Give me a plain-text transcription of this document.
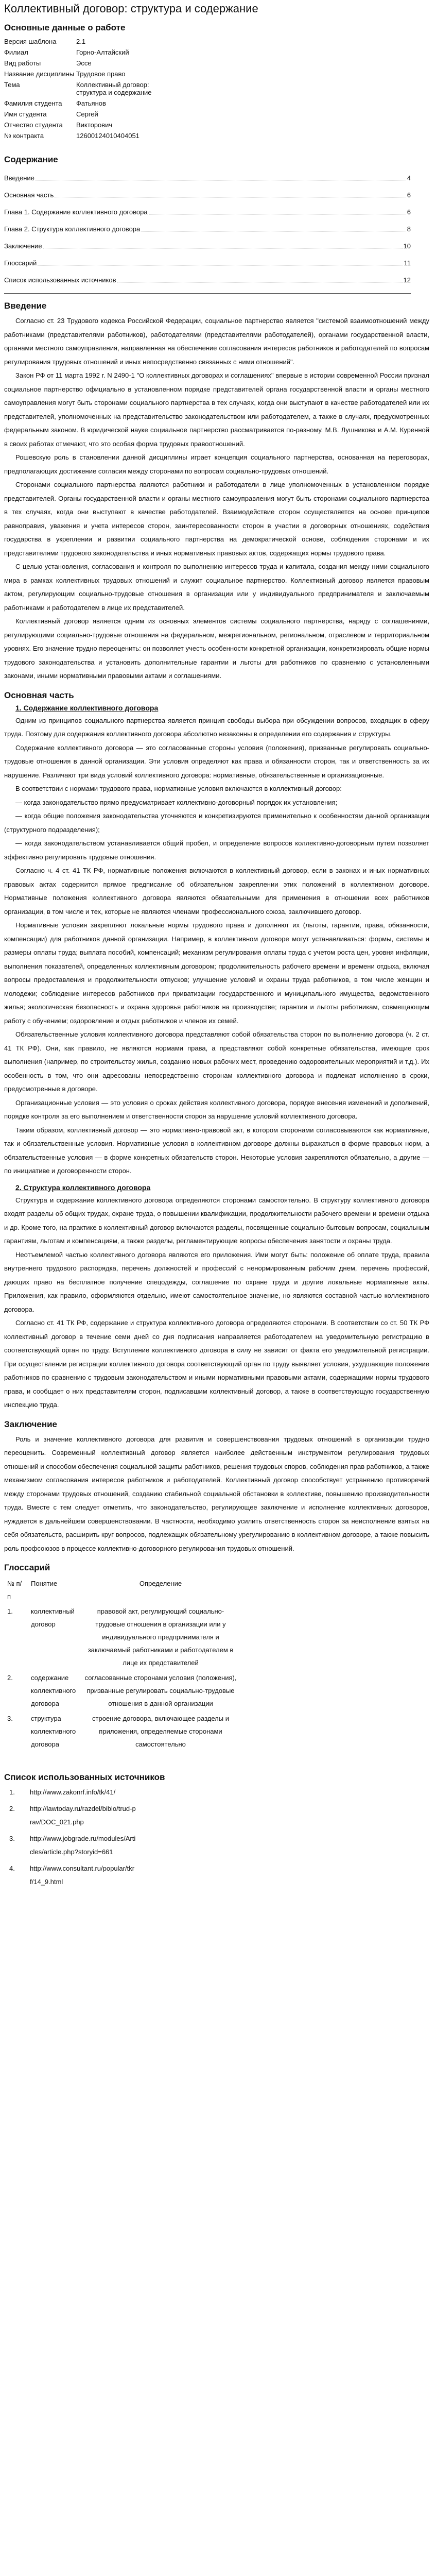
Коллективный договор: структура и содержание
Основные данные о работе
Версия шаблона	2.1
Филиал	Горно-Алтайский
Вид работы	Эссе
Название дисциплины	Трудовое право
Тема	Коллективный договор: структура и содержание
Фамилия студента	Фатьянов
Имя студента	Сергей
Отчество студента	Викторович
№ контракта	12600124010404051
Содержание
Введение	4
Основная часть	6
Глава 1. Содержание коллективного договора	6
Глава 2. Структура коллективного договора	8
Заключение	10
Глоссарий	11
Список использованных источников	12
Введение

Согласно ст. 23 Трудового кодекса Российской Федерации, социальное партнерство является "системой взаимоотношений между работниками (представителями работников), работодателями (представителями работодателей), органами государственной власти, органами местного самоуправления, направленная на обеспечение согласования интересов работников и работодателей по вопросам регулирования трудовых отношений и иных непосредственно связанных с ними отношений".

Закон РФ от 11 марта 1992 г. N 2490-1 "О коллективных договорах и соглашениях" впервые в истории современной России признал социальное партнерство официально в установленном порядке представителей органа государственной власти и органы местного самоуправления могут быть сторонами социального партнерства в тех случаях, когда они выступают в качестве работодателей или их представителей, уполномоченных на представительство законодательством или работодателем, а также в случаях, предусмотренных федеральным законом. В юридической науке социальное партнерство рассматривается по-разному. М.В. Лушникова и А.М. Куренной в своих работах отмечают, что это особая форма трудовых правоотношений.

Рошевскую роль в становлении данной дисциплины играет концепция социального партнерства, основанная на переговорах, предполагающих достижение согласия между сторонами по вопросам социально-трудовых отношений.

Сторонами социального партнерства являются работники и работодатели в лице уполномоченных в установленном порядке представителей. Органы государственной власти и органы местного самоуправления могут быть сторонами социального партнерства в тех случаях, когда они выступают в качестве работодателей. Взаимодействие сторон осуществляется на основе принципов равноправия, уважения и учета интересов сторон, заинтересованности сторон в участии в договорных отношениях, содействия государства в укреплении и развитии социального партнерства на демократической основе, соблюдения сторонами и их представителями трудового законодательства и иных нормативных правовых актов, содержащих нормы трудового права.

С целью установления, согласования и контроля по выполнению интересов труда и капитала, создания между ними социального мира в рамках коллективных трудовых отношений и служит социальное партнерство. Коллективный договор является правовым актом, регулирующим социально-трудовые отношения в организации или у индивидуального предпринимателя и заключаемым работниками и работодателем в лице их представителей.

Коллективный договор является одним из основных элементов системы социального партнерства, наряду с соглашениями, регулирующими социально-трудовые отношения на федеральном, межрегиональном, региональном, отраслевом и территориальном уровнях. Его значение трудно переоценить: он позволяет учесть особенности конкретной организации, конкретизировать общие нормы трудового законодательства и установить дополнительные гарантии и льготы для работников по сравнению с установленными законами, иными нормативными правовыми актами и соглашениями.

Основная часть
1. Содержание коллективного договора

Одним из принципов социального партнерства является принцип свободы выбора при обсуждении вопросов, входящих в сферу труда. Поэтому для содержания коллективного договора абсолютно незаконны в определении его содержания и структуры.

Содержание коллективного договора — это согласованные стороны условия (положения), призванные регулировать социально-трудовые отношения в данной организации. Эти условия определяют как права и обязанности сторон, так и ответственность за их нарушение. Различают три вида условий коллективного договора: нормативные, обязательственные и организационные.

В соответствии с нормами трудового права, нормативные условия включаются в коллективный договор:

— когда законодательство прямо предусматривает коллективно-договорный порядок их установления;

— когда общие положения законодательства уточняются и конкретизируются применительно к особенностям данной организации (структурного подразделения);

— когда законодательством устанавливается общий пробел, и определение вопросов коллективно-договорным путем позволяет эффективно регулировать трудовые отношения.

Согласно ч. 4 ст. 41 ТК РФ, нормативные положения включаются в коллективный договор, если в законах и иных нормативных правовых актах содержится прямое предписание об обязательном закреплении этих положений в коллективном договоре. Нормативные положения коллективного договора являются обязательными для применения в отношении всех работников организации, в том числе и тех, которые не являются членами профессионального союза, заключившего договор.

Нормативные условия закрепляют локальные нормы трудового права и дополняют их (льготы, гарантии, права, обязанности, компенсации) для работников данной организации. Например, в коллективном договоре могут устанавливаться: формы, системы и размеры оплаты труда; выплата пособий, компенсаций; механизм регулирования оплаты труда с учетом роста цен, уровня инфляции, выполнения показателей, определенных коллективным договором; продолжительность рабочего времени и времени отдыха, включая вопросы предоставления и продолжительности отпусков; улучшение условий и охраны труда работников, в том числе женщин и молодежи; соблюдение интересов работников при приватизации государственного и муниципального имущества, ведомственного жилья; экологическая безопасность и охрана здоровья работников на производстве; гарантии и льготы работникам, совмещающим работу с обучением; оздоровление и отдых работников и членов их семей.

Обязательственные условия коллективного договора представляют собой обязательства сторон по выполнению договора (ч. 2 ст. 41 ТК РФ). Они, как правило, не являются нормами права, а представляют собой конкретные обязательства, имеющие срок выполнения (например, по строительству жилья, созданию новых рабочих мест, проведению оздоровительных мероприятий и т.д.). Их особенность в том, что они адресованы непосредственно сторонам коллективного договора и подлежат исполнению в сроки, предусмотренные в договоре.

Организационные условия — это условия о сроках действия коллективного договора, порядке внесения изменений и дополнений, порядке контроля за его выполнением и ответственности сторон за нарушение условий коллективного договора.

Таким образом, коллективный договор — это нормативно-правовой акт, в котором сторонами согласовываются как нормативные, так и обязательственные условия. Нормативные условия в коллективном договоре должны выражаться в форме правовых норм, а обязательственные условия — в форме конкретных обязательств сторон. Некоторые условия закрепляются обязательно, а другие — по инициативе и договоренности сторон.

2. Структура коллективного договора

Структура и содержание коллективного договора определяются сторонами самостоятельно. В структуру коллективного договора входят разделы об общих трудах, охране труда, о повышении квалификации, продолжительности рабочего времени и времени отдыха и др. Кроме того, на практике в коллективный договор включаются разделы, посвященные социально-бытовым вопросам, социальным гарантиям, льготам и компенсациям, а также разделы, регламентирующие вопросы обеспечения занятости и охраны труда.

Неотъемлемой частью коллективного договора являются его приложения. Ими могут быть: положение об оплате труда, правила внутреннего трудового распорядка, перечень должностей и профессий с ненормированным рабочим днем, перечень профессий, дающих право на бесплатное получение спецодежды, соглашение по охране труда и другие локальные нормативные акты. Приложения, как правило, оформляются отдельно, имеют самостоятельное значение, но являются составной частью коллективного договора.

Согласно ст. 41 ТК РФ, содержание и структура коллективного договора определяются сторонами. В соответствии со ст. 50 ТК РФ коллективный договор в течение семи дней со дня подписания направляется работодателем на уведомительную регистрацию в соответствующий орган по труду. Вступление коллективного договора в силу не зависит от факта его уведомительной регистрации. При осуществлении регистрации коллективного договора соответствующий орган по труду выявляет условия, ухудшающие положение работников по сравнению с трудовым законодательством и иными нормативными правовыми актами, содержащими нормы трудового права, и сообщает о них представителям сторон, подписавшим коллективный договор, а также в соответствующую государственную инспекцию труда.

Заключение

Роль и значение коллективного договора для развития и совершенствования трудовых отношений в организации трудно переоценить. Современный коллективный договор является наиболее действенным инструментом регулирования трудовых отношений и способом обеспечения социальной защиты работников, решения трудовых споров, соблюдения прав работников, а также механизмом согласования интересов работников и работодателей. Коллективный договор способствует устранению противоречий между сторонами трудовых отношений, созданию стабильной социальной обстановки в коллективе, повышению производительности труда. Вместе с тем следует отметить, что законодательство, регулирующее заключение и исполнение коллективных договоров, нуждается в дальнейшем совершенствовании. В частности, необходимо усилить ответственность сторон за неисполнение взятых на себя обязательств, расширить круг вопросов, подлежащих обязательному урегулированию в коллективном договоре, а также повысить роль профсоюзов в процессе коллективно-договорного регулирования трудовых отношений.

Глоссарий
№ п/п	Понятие	Определение
1.	коллективный договор	правовой акт, регулирующий социально-трудовые отношения в организации или у индивидуального предпринимателя и заключаемый работниками и работодателем в лице их представителей
2.	содержание коллективного договора	согласованные сторонами условия (положения), призванные регулировать социально-трудовые отношения в данной организации
3.	структура коллективного договора	строение договора, включающее разделы и приложения, определяемые сторонами самостоятельно
Список использованных источников
1.	http://www.zakonrf.info/tk/41/
2.	http://lawtoday.ru/razdel/biblo/trud-prav/DOC_021.php
3.	http://www.jobgrade.ru/modules/Articles/article.php?storyid=661
4.	http://www.consultant.ru/popular/tkrf/14_9.html
